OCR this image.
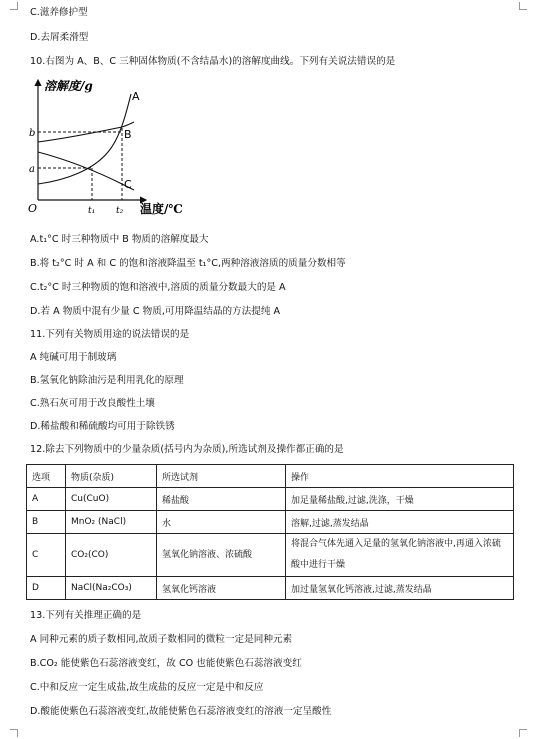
C.滋养修护型
D.去屑柔滑型
10.右图为 A、B、C 三种固体物质(不含结晶水)的溶解度曲线。下列有关说法错误的是
溶解度/g
温度/℃
O
b
a
t₁ t₂
A
B
C
A.t₁°C 时三种物质中 B 物质的溶解度最大
B.将 t₂°C 时 A 和 C 的饱和溶液降温至 t₁°C,两种溶液溶质的质量分数相等
C.t₂°C 时三种物质的饱和溶液中,溶质的质量分数最大的是 A
D.若 A 物质中混有少量 C 物质,可用降温结晶的方法提纯 A
11.下列有关物质用途的说法错误的是
A 纯碱可用于制玻璃
B.氢氧化钠除油污是利用乳化的原理
C.熟石灰可用于改良酸性土壤
D.稀盐酸和稀硫酸均可用于除铁锈
12.除去下列物质中的少量杂质(括号内为杂质),所选试剂及操作都正确的是
选项	物质(杂质)	所选试剂	操作
A	Cu(CuO)	稀盐酸	加足量稀盐酸,过滤,洗涤，干燥
B	MnO₂ (NaCl)	水	溶解,过滤,蒸发结晶
C	CO₂(CO)	氢氧化钠溶液、浓硫酸	将混合气体先通入足量的氢氧化钠溶液中,再通入浓硫酸中进行干燥
D	NaCl(Na₂CO₃)	氢氧化钙溶液	加过量氢氧化钙溶液,过滤,蒸发结晶
13.下列有关推理正确的是
A 同种元素的质子数相同,故质子数相同的微粒一定是同种元素
B.CO₂ 能使紫色石蕊溶液变红，故 CO 也能使紫色石蕊溶液变红
C.中和反应一定生成盐,故生成盐的反应一定是中和反应
D.酸能使紫色石蕊溶液变红,故能使紫色石蕊溶液变红的溶液一定呈酸性
